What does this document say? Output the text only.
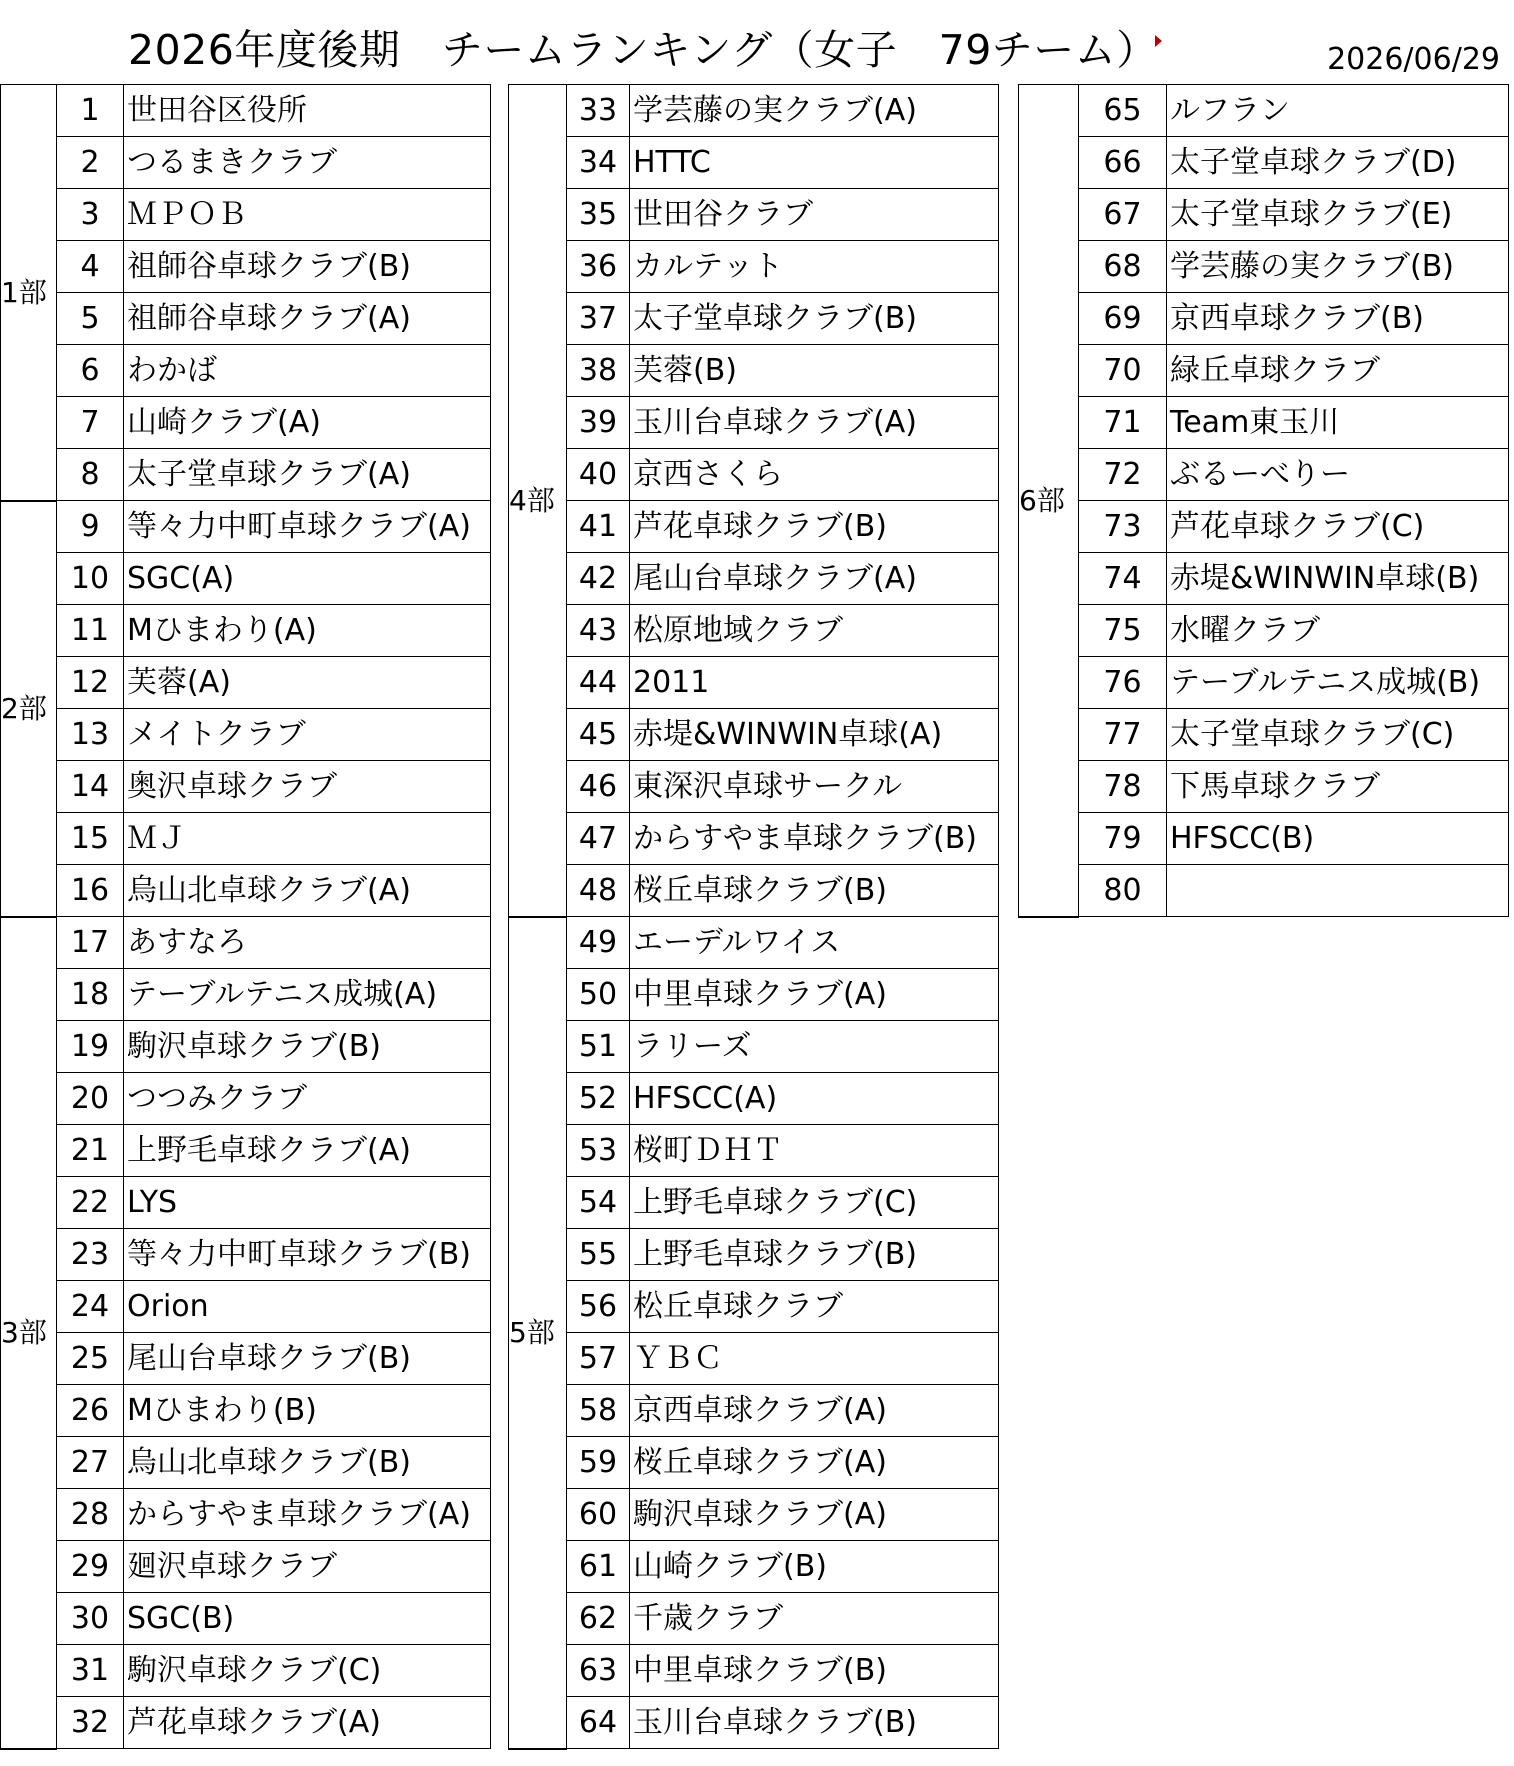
2026年度後期　チームランキング（女子　79チーム）	2026/06/29
1部	1	世田谷区役所
	2	つるまきクラブ
	3	ＭＰＯＢ
	4	祖師谷卓球クラブ(B)
	5	祖師谷卓球クラブ(A)
	6	わかば
	7	山崎クラブ(A)
	8	太子堂卓球クラブ(A)
2部	9	等々力中町卓球クラブ(A)
	10	SGC(A)
	11	Mひまわり(A)
	12	芙蓉(A)
	13	メイトクラブ
	14	奥沢卓球クラブ
	15	ＭＪ
	16	烏山北卓球クラブ(A)
3部	17	あすなろ
	18	テーブルテニス成城(A)
	19	駒沢卓球クラブ(B)
	20	つつみクラブ
	21	上野毛卓球クラブ(A)
	22	LYS
	23	等々力中町卓球クラブ(B)
	24	Orion
	25	尾山台卓球クラブ(B)
	26	Mひまわり(B)
	27	烏山北卓球クラブ(B)
	28	からすやま卓球クラブ(A)
	29	廻沢卓球クラブ
	30	SGC(B)
	31	駒沢卓球クラブ(C)
	32	芦花卓球クラブ(A)
4部	33	学芸藤の実クラブ(A)
	34	HTTC
	35	世田谷クラブ
	36	カルテット
	37	太子堂卓球クラブ(B)
	38	芙蓉(B)
	39	玉川台卓球クラブ(A)
	40	京西さくら
	41	芦花卓球クラブ(B)
	42	尾山台卓球クラブ(A)
	43	松原地域クラブ
	44	2011
	45	赤堤&WINWIN卓球(A)
	46	東深沢卓球サークル
	47	からすやま卓球クラブ(B)
	48	桜丘卓球クラブ(B)
5部	49	エーデルワイス
	50	中里卓球クラブ(A)
	51	ラリーズ
	52	HFSCC(A)
	53	桜町ＤＨＴ
	54	上野毛卓球クラブ(C)
	55	上野毛卓球クラブ(B)
	56	松丘卓球クラブ
	57	ＹＢＣ
	58	京西卓球クラブ(A)
	59	桜丘卓球クラブ(A)
	60	駒沢卓球クラブ(A)
	61	山崎クラブ(B)
	62	千歳クラブ
	63	中里卓球クラブ(B)
	64	玉川台卓球クラブ(B)
6部	65	ルフラン
	66	太子堂卓球クラブ(D)
	67	太子堂卓球クラブ(E)
	68	学芸藤の実クラブ(B)
	69	京西卓球クラブ(B)
	70	緑丘卓球クラブ
	71	Team東玉川
	72	ぶるーべりー
	73	芦花卓球クラブ(C)
	74	赤堤&WINWIN卓球(B)
	75	水曜クラブ
	76	テーブルテニス成城(B)
	77	太子堂卓球クラブ(C)
	78	下馬卓球クラブ
	79	HFSCC(B)
	80	
